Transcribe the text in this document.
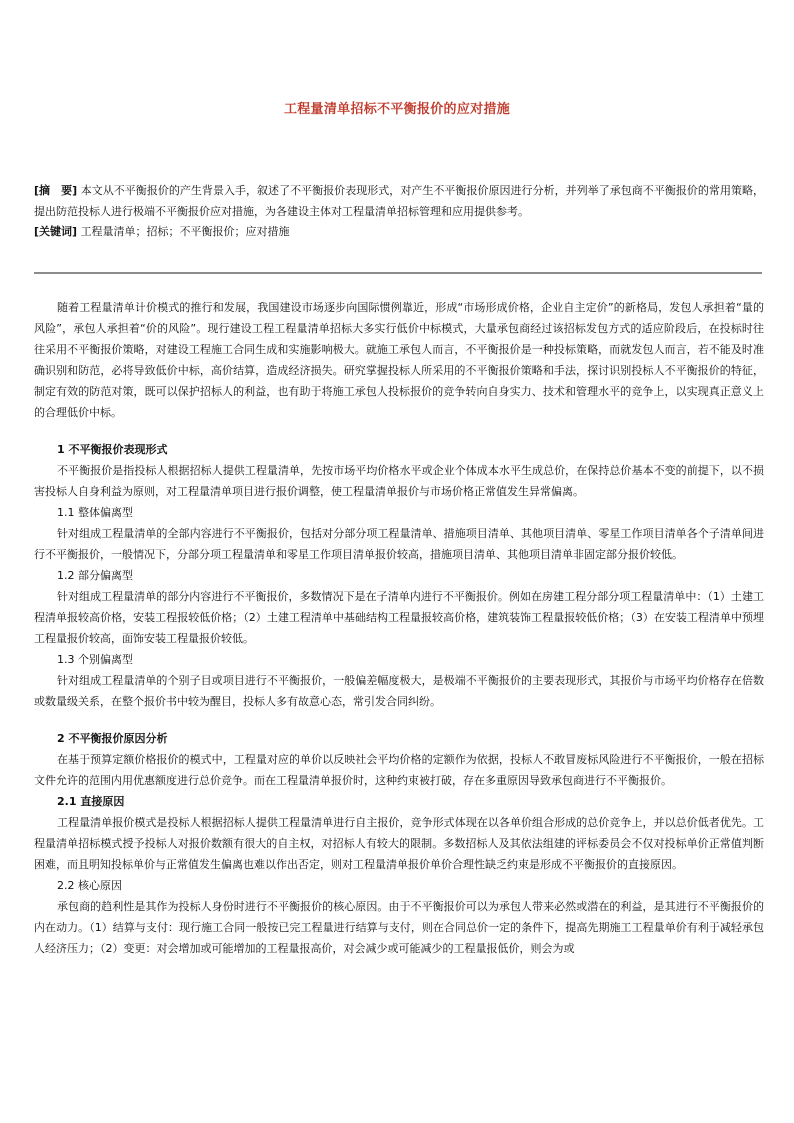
工程量清单招标不平衡报价的应对措施
[摘　要] 本文从不平衡报价的产生背景入手，叙述了不平衡报价表现形式，对产生不平衡报价原因进行分析，并列举了承包商不平衡报价的常用策略，提出防范投标人进行极端不平衡报价应对措施，为各建设主体对工程量清单招标管理和应用提供参考。
[关键词] 工程量清单；招标；不平衡报价；应对措施

随着工程量清单计价模式的推行和发展，我国建设市场逐步向国际惯例靠近，形成“市场形成价格，企业自主定价”的新格局，发包人承担着“量的风险”，承包人承担着“价的风险”。现行建设工程工程量清单招标大多实行低价中标模式，大量承包商经过该招标发包方式的适应阶段后，在投标时往往采用不平衡报价策略，对建设工程施工合同生成和实施影响极大。就施工承包人而言，不平衡报价是一种投标策略，而就发包人而言，若不能及时准确识别和防范，必将导致低价中标，高价结算，造成经济损失。研究掌握投标人所采用的不平衡报价策略和手法，探讨识别投标人不平衡报价的特征，制定有效的防范对策，既可以保护招标人的利益，也有助于将施工承包人投标报价的竞争转向自身实力、技术和管理水平的竞争上，以实现真正意义上的合理低价中标。

1 不平衡报价表现形式

不平衡报价是指投标人根据招标人提供工程量清单，先按市场平均价格水平或企业个体成本水平生成总价，在保持总价基本不变的前提下，以不损害投标人自身利益为原则，对工程量清单项目进行报价调整，使工程量清单报价与市场价格正常值发生异常偏离。

1.1 整体偏离型

针对组成工程量清单的全部内容进行不平衡报价，包括对分部分项工程量清单、措施项目清单、其他项目清单、零星工作项目清单各个子清单间进行不平衡报价，一般情况下，分部分项工程量清单和零星工作项目清单报价较高，措施项目清单、其他项目清单非固定部分报价较低。

1.2 部分偏离型

针对组成工程量清单的部分内容进行不平衡报价，多数情况下是在子清单内进行不平衡报价。例如在房建工程分部分项工程量清单中：（1）土建工程清单报较高价格，安装工程报较低价格；（2）土建工程清单中基础结构工程量报较高价格，建筑装饰工程量报较低价格；（3）在安装工程清单中预埋工程量报价较高，面饰安装工程量报价较低。

1.3 个别偏离型

针对组成工程量清单的个别子目或项目进行不平衡报价，一般偏差幅度极大，是极端不平衡报价的主要表现形式，其报价与市场平均价格存在倍数或数量级关系，在整个报价书中较为醒目，投标人多有故意心态，常引发合同纠纷。

2 不平衡报价原因分析

在基于预算定额价格报价的模式中，工程量对应的单价以反映社会平均价格的定额作为依据，投标人不敢冒废标风险进行不平衡报价，一般在招标文件允许的范围内用优惠额度进行总价竞争。而在工程量清单报价时，这种约束被打破，存在多重原因导致承包商进行不平衡报价。

2.1 直接原因

工程量清单报价模式是投标人根据招标人提供工程量清单进行自主报价，竞争形式体现在以各单价组合形成的总价竞争上，并以总价低者优先。工程量清单招标模式授予投标人对报价数额有很大的自主权，对招标人有较大的限制。多数招标人及其依法组建的评标委员会不仅对投标单价正常值判断困难，而且明知投标单价与正常值发生偏离也难以作出否定，则对工程量清单报价单价合理性缺乏约束是形成不平衡报价的直接原因。

2.2 核心原因

承包商的趋利性是其作为投标人身份时进行不平衡报价的核心原因。由于不平衡报价可以为承包人带来必然或潜在的利益，是其进行不平衡报价的内在动力。（1）结算与支付：现行施工合同一般按已完工程量进行结算与支付，则在合同总价一定的条件下，提高先期施工工程量单价有利于减轻承包人经济压力；（2）变更：对会增加或可能增加的工程量报高价，对会减少或可能减少的工程量报低价，则会为或
